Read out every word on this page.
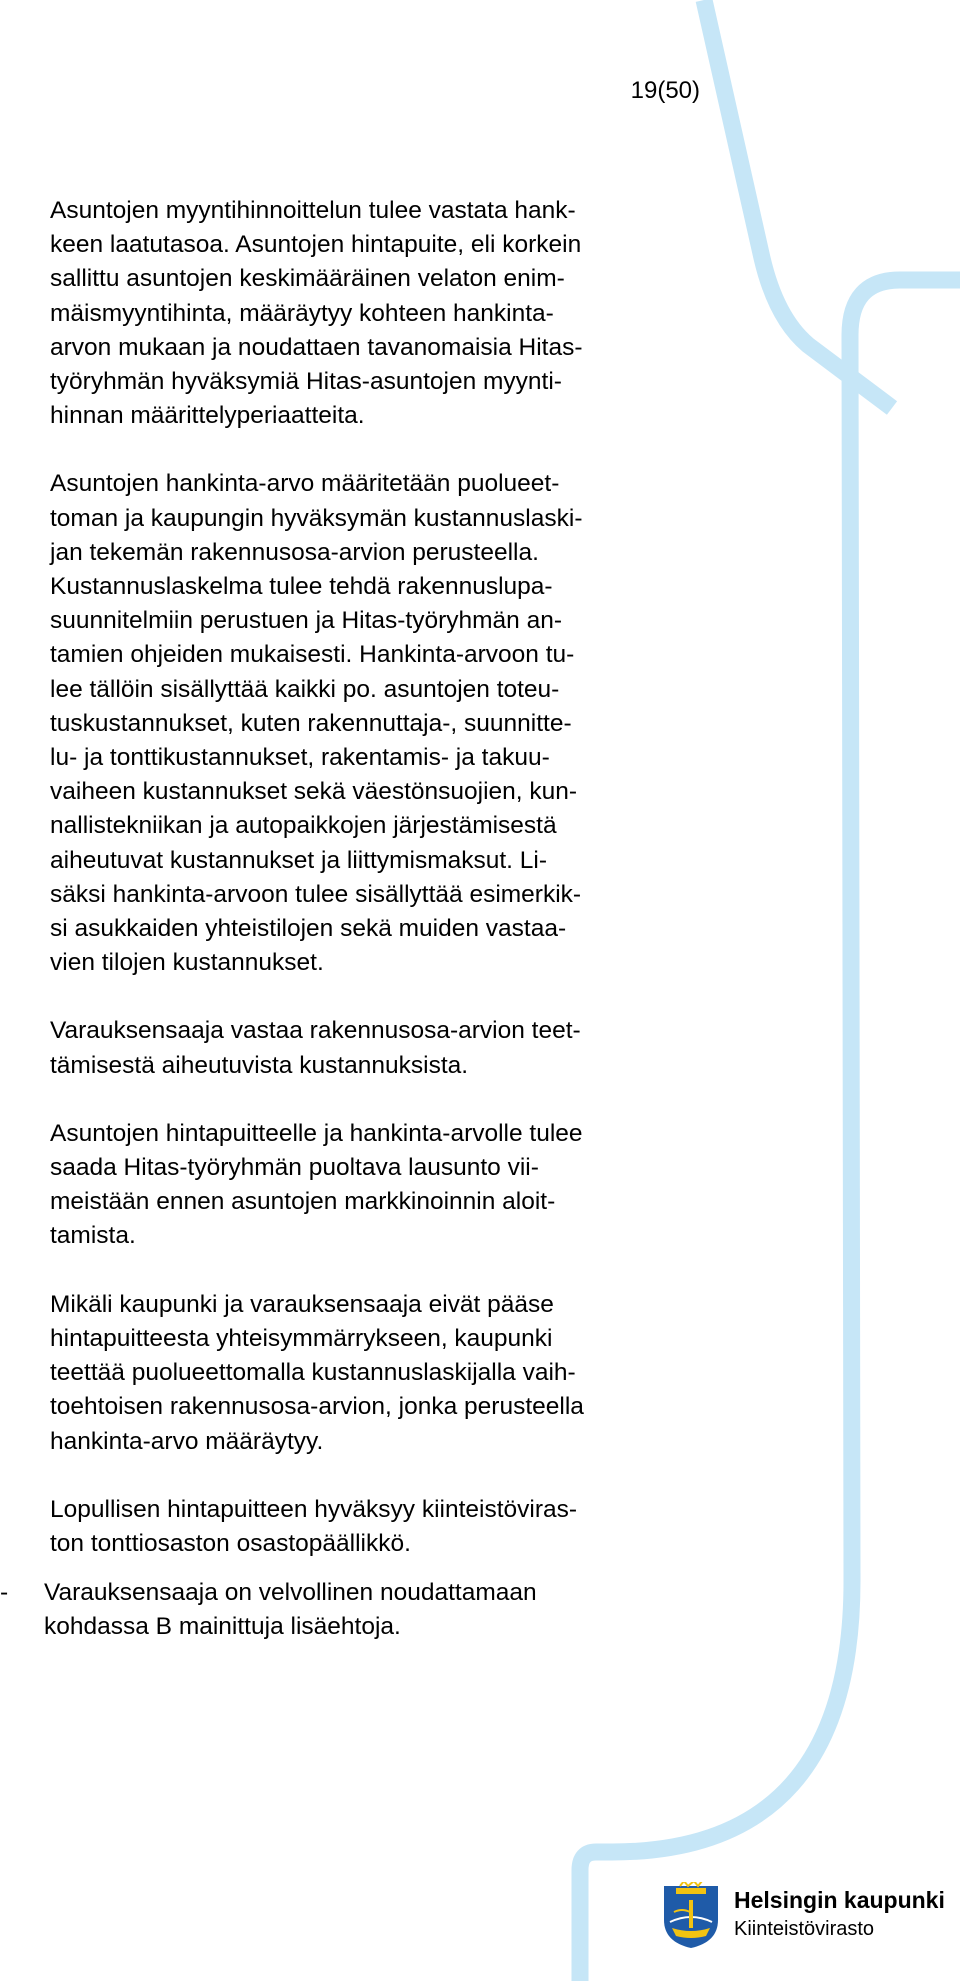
19(50)

Asuntojen myyntihinnoittelun tulee vastata hank-
keen laatutasoa. Asuntojen hintapuite, eli korkein
sallittu asuntojen keskimääräinen velaton enim-
mäismyyntihinta, määräytyy kohteen hankinta-
arvon mukaan ja noudattaen tavanomaisia Hitas-
työryhmän hyväksymiä Hitas-asuntojen myynti-
hinnan määrittelyperiaatteita.

Asuntojen hankinta-arvo määritetään puolueet-
toman ja kaupungin hyväksymän kustannuslaski-
jan tekemän rakennusosa-arvion perusteella.
Kustannuslaskelma tulee tehdä rakennuslupa-
suunnitelmiin perustuen ja Hitas-työryhmän an-
tamien ohjeiden mukaisesti. Hankinta-arvoon tu-
lee tällöin sisällyttää kaikki po. asuntojen toteu-
tuskustannukset, kuten rakennuttaja-, suunnitte-
lu- ja tonttikustannukset, rakentamis- ja takuu-
vaiheen kustannukset sekä väestönsuojien, kun-
nallistekniikan ja autopaikkojen järjestämisestä
aiheutuvat kustannukset ja liittymismaksut. Li-
säksi hankinta-arvoon tulee sisällyttää esimerkik-
si asukkaiden yhteistilojen sekä muiden vastaa-
vien tilojen kustannukset.

Varauksensaaja vastaa rakennusosa-arvion teet-
tämisestä aiheutuvista kustannuksista.

Asuntojen hintapuitteelle ja hankinta-arvolle tulee
saada Hitas-työryhmän puoltava lausunto vii-
meistään ennen asuntojen markkinoinnin aloit-
tamista.

Mikäli kaupunki ja varauksensaaja eivät pääse
hintapuitteesta yhteisymmärrykseen, kaupunki
teettää puolueettomalla kustannuslaskijalla vaih-
toehtoisen rakennusosa-arvion, jonka perusteella
hankinta-arvo määräytyy.

Lopullisen hintapuitteen hyväksyy kiinteistöviras-
ton tonttiosaston osastopäällikkö.

- Varauksensaaja on velvollinen noudattamaan
kohdassa B mainittuja lisäehtoja.
Helsingin kaupunki
Kiinteistövirasto
